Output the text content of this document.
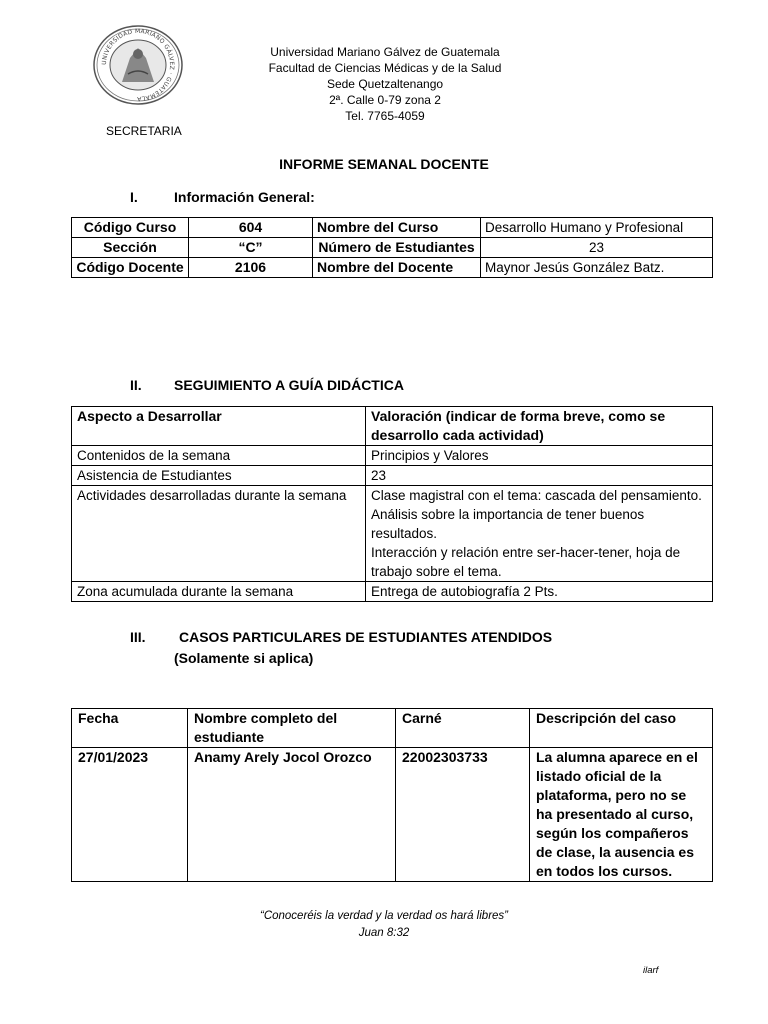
UNIVERSIDAD MARIANO GÁLVEZ · GUATEMALA
Universidad Mariano Gálvez de Guatemala
Facultad de Ciencias Médicas y de la Salud
Sede Quetzaltenango
2ª. Calle 0-79 zona 2
Tel. 7765-4059
SECRETARIA
INFORME SEMANAL DOCENTE
I.	Información General:
Código Curso	604	Nombre del Curso	Desarrollo Humano y Profesional
Sección	“C”	Número de Estudiantes	23
Código Docente	2106	Nombre del Docente	Maynor Jesús González Batz.
II. SEGUIMIENTO A GUÍA DIDÁCTICA
Aspecto a Desarrollar	Valoración (indicar de forma breve, como se desarrollo cada actividad)
Contenidos de la semana	Principios y Valores
Asistencia de Estudiantes	23
Actividades desarrolladas durante la semana	Clase magistral con el tema: cascada del pensamiento. Análisis sobre la importancia de tener buenos resultados.
Interacción y relación entre ser-hacer-tener, hoja de trabajo sobre el tema.

Zona acumulada durante la semana	Entrega de autobiografía 2 Pts.
III. CASOS PARTICULARES DE ESTUDIANTES ATENDIDOS
(Solamente si aplica)
Fecha	Nombre completo del estudiante	Carné	Descripción del caso
27/01/2023	Anamy Arely Jocol Orozco	22002303733	La alumna aparece en el listado oficial de la plataforma, pero no se ha presentado al curso, según los compañeros de clase, la ausencia es en todos los cursos.
“Conoceréis la verdad y la verdad os hará libres”
Juan 8:32
ilarf
